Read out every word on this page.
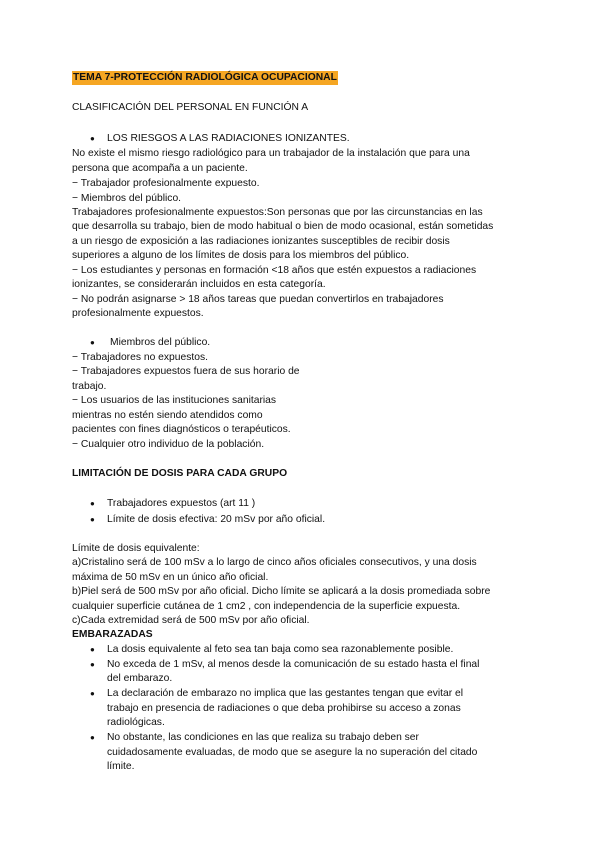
TEMA 7-PROTECCIÓN RADIOLÓGICA OCUPACIONAL
CLASIFICACIÓN DEL PERSONAL EN FUNCIÓN A
● LOS RIESGOS A LAS RADIACIONES IONIZANTES.
No existe el mismo riesgo radiológico para un trabajador de la instalación que para una
persona que acompaña a un paciente.
− Trabajador profesionalmente expuesto.
− Miembros del público.
Trabajadores profesionalmente expuestos:Son personas que por las circunstancias en las
que desarrolla su trabajo, bien de modo habitual o bien de modo ocasional, están sometidas
a un riesgo de exposición a las radiaciones ionizantes susceptibles de recibir dosis
superiores a alguno de los límites de dosis para los miembros del público.
− Los estudiantes y personas en formación <18 años que estén expuestos a radiaciones
ionizantes, se considerarán incluidos en esta categoría.
− No podrán asignarse > 18 años tareas que puedan convertirlos en trabajadores
profesionalmente expuestos.
● Miembros del público.
− Trabajadores no expuestos.
− Trabajadores expuestos fuera de sus horario de
trabajo.
− Los usuarios de las instituciones sanitarias
mientras no estén siendo atendidos como
pacientes con fines diagnósticos o terapéuticos.
− Cualquier otro individuo de la población.
LIMITACIÓN DE DOSIS PARA CADA GRUPO
● Trabajadores expuestos (art 11 )
● Límite de dosis efectiva: 20 mSv por año oficial.
Límite de dosis equivalente:
a)Cristalino será de 100 mSv a lo largo de cinco años oficiales consecutivos, y una dosis
máxima de 50 mSv en un único año oficial.
b)Piel será de 500 mSv por año oficial. Dicho límite se aplicará a la dosis promediada sobre
cualquier superficie cutánea de 1 cm2 , con independencia de la superficie expuesta.
c)Cada extremidad será de 500 mSv por año oficial.
EMBARAZADAS
● La dosis equivalente al feto sea tan baja como sea razonablemente posible.
● No exceda de 1 mSv, al menos desde la comunicación de su estado hasta el final
del embarazo.
● La declaración de embarazo no implica que las gestantes tengan que evitar el
trabajo en presencia de radiaciones o que deba prohibirse su acceso a zonas
radiológicas.
● No obstante, las condiciones en las que realiza su trabajo deben ser
cuidadosamente evaluadas, de modo que se asegure la no superación del citado
límite.
